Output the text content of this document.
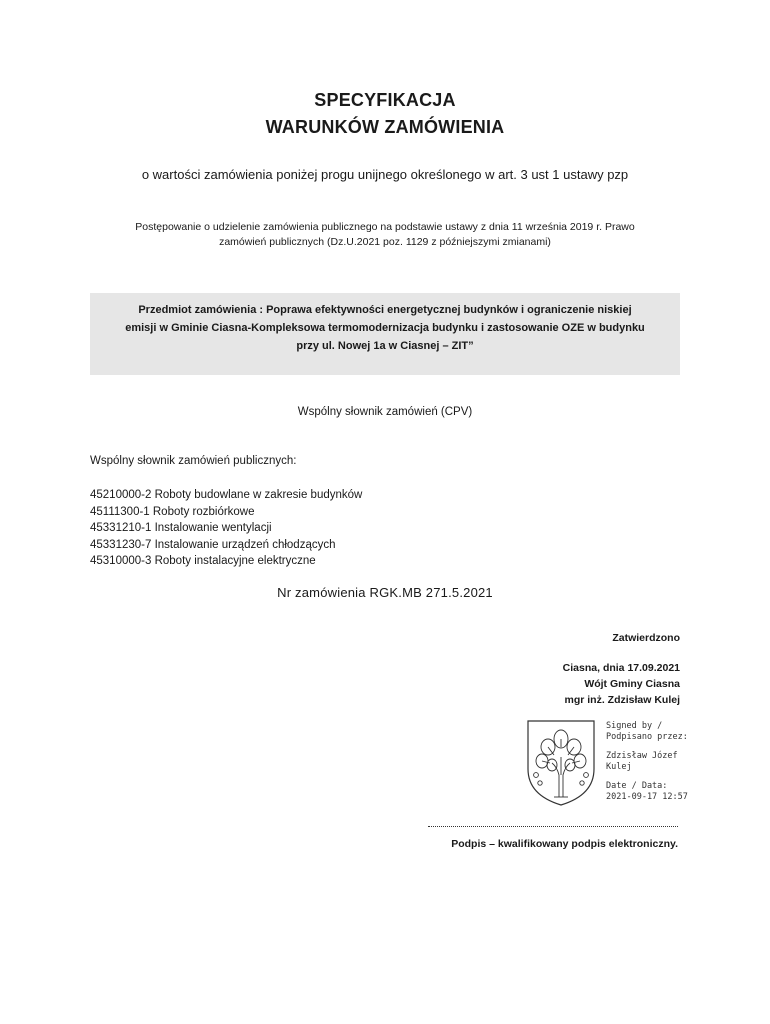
SPECYFIKACJA
WARUNKÓW ZAMÓWIENIA
o wartości zamówienia poniżej progu unijnego określonego w art. 3 ust 1 ustawy pzp
Postępowanie o udzielenie zamówienia publicznego na podstawie ustawy z dnia 11 września 2019 r. Prawo
zamówień publicznych (Dz.U.2021 poz. 1129 z późniejszymi zmianami)
Przedmiot zamówienia : Poprawa efektywności energetycznej budynków i ograniczenie niskiej
emisji w Gminie Ciasna-Kompleksowa termomodernizacja budynku i zastosowanie OZE w budynku
przy ul. Nowej 1a w Ciasnej – ZIT”
Wspólny słownik zamówień (CPV)
Wspólny słownik zamówień publicznych:
45210000-2 Roboty budowlane w zakresie budynków
45111300-1 Roboty rozbiórkowe
45331210-1 Instalowanie wentylacji
45331230-7 Instalowanie urządzeń chłodzących
45310000-3 Roboty instalacyjne elektryczne
Nr zamówienia RGK.MB 271.5.2021
Zatwierdzono
Ciasna, dnia 17.09.2021
Wójt Gminy Ciasna
mgr inż. Zdzisław Kulej
Signed by /
Podpisano przez:
Zdzisław Józef
Kulej
Date / Data:
2021-09-17 12:57
Podpis – kwalifikowany podpis elektroniczny.
